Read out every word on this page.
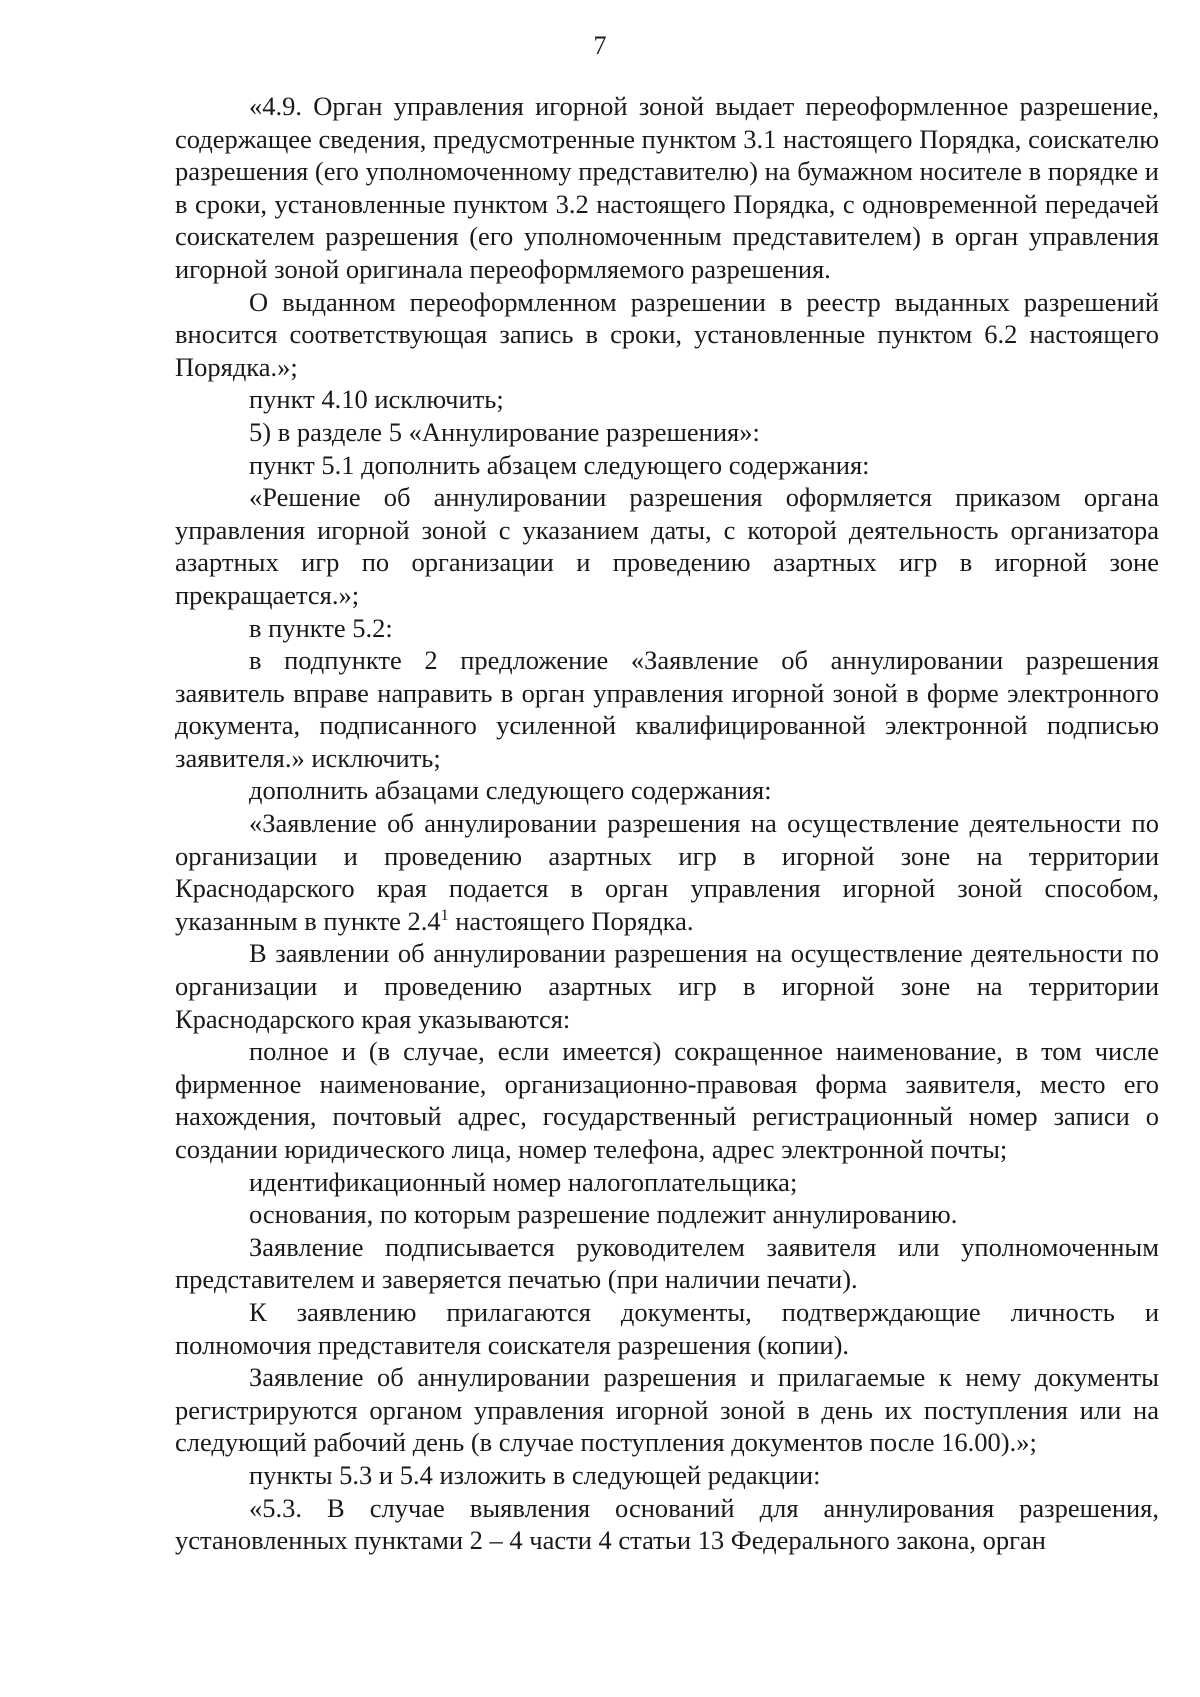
7

«4.9. Орган управления игорной зоной выдает переоформленное разрешение, содержащее сведения, предусмотренные пунктом 3.1 настоящего Порядка, соискателю разрешения (его уполномоченному представителю) на бумажном носителе в порядке и в сроки, установленные пунктом 3.2 настоящего Порядка, с одновременной передачей соискателем разрешения (его уполномоченным представителем) в орган управления игорной зоной оригинала переоформляемого разрешения.

О выданном переоформленном разрешении в реестр выданных разрешений вносится соответствующая запись в сроки, установленные пунктом 6.2 настоящего Порядка.»;

пункт 4.10 исключить;

5) в разделе 5 «Аннулирование разрешения»:

пункт 5.1 дополнить абзацем следующего содержания:

«Решение об аннулировании разрешения оформляется приказом органа управления игорной зоной с указанием даты, с которой деятельность организатора азартных игр по организации и проведению азартных игр в игорной зоне прекращается.»;

в пункте 5.2:

в подпункте 2 предложение «Заявление об аннулировании разрешения заявитель вправе направить в орган управления игорной зоной в форме электронного документа, подписанного усиленной квалифицированной электронной подписью заявителя.» исключить;

дополнить абзацами следующего содержания:

«Заявление об аннулировании разрешения на осуществление деятельности по организации и проведению азартных игр в игорной зоне на территории Краснодарского края подается в орган управления игорной зоной способом, указанным в пункте $2.4^1$ настоящего Порядка.

В заявлении об аннулировании разрешения на осуществление деятельности по организации и проведению азартных игр в игорной зоне на территории Краснодарского края указываются:

полное и (в случае, если имеется) сокращенное наименование, в том числе фирменное наименование, организационно-правовая форма заявителя, место его нахождения, почтовый адрес, государственный регистрационный номер записи о создании юридического лица, номер телефона, адрес электронной почты;

идентификационный номер налогоплательщика;

основания, по которым разрешение подлежит аннулированию.

Заявление подписывается руководителем заявителя или уполномоченным представителем и заверяется печатью (при наличии печати).

К заявлению прилагаются документы, подтверждающие личность и полномочия представителя соискателя разрешения (копии).

Заявление об аннулировании разрешения и прилагаемые к нему документы регистрируются органом управления игорной зоной в день их поступления или на следующий рабочий день (в случае поступления документов после 16.00).»;

пункты 5.3 и 5.4 изложить в следующей редакции:

«5.3. В случае выявления оснований для аннулирования разрешения, установленных пунктами 2 – 4 части 4 статьи 13 Федерального закона, орган
